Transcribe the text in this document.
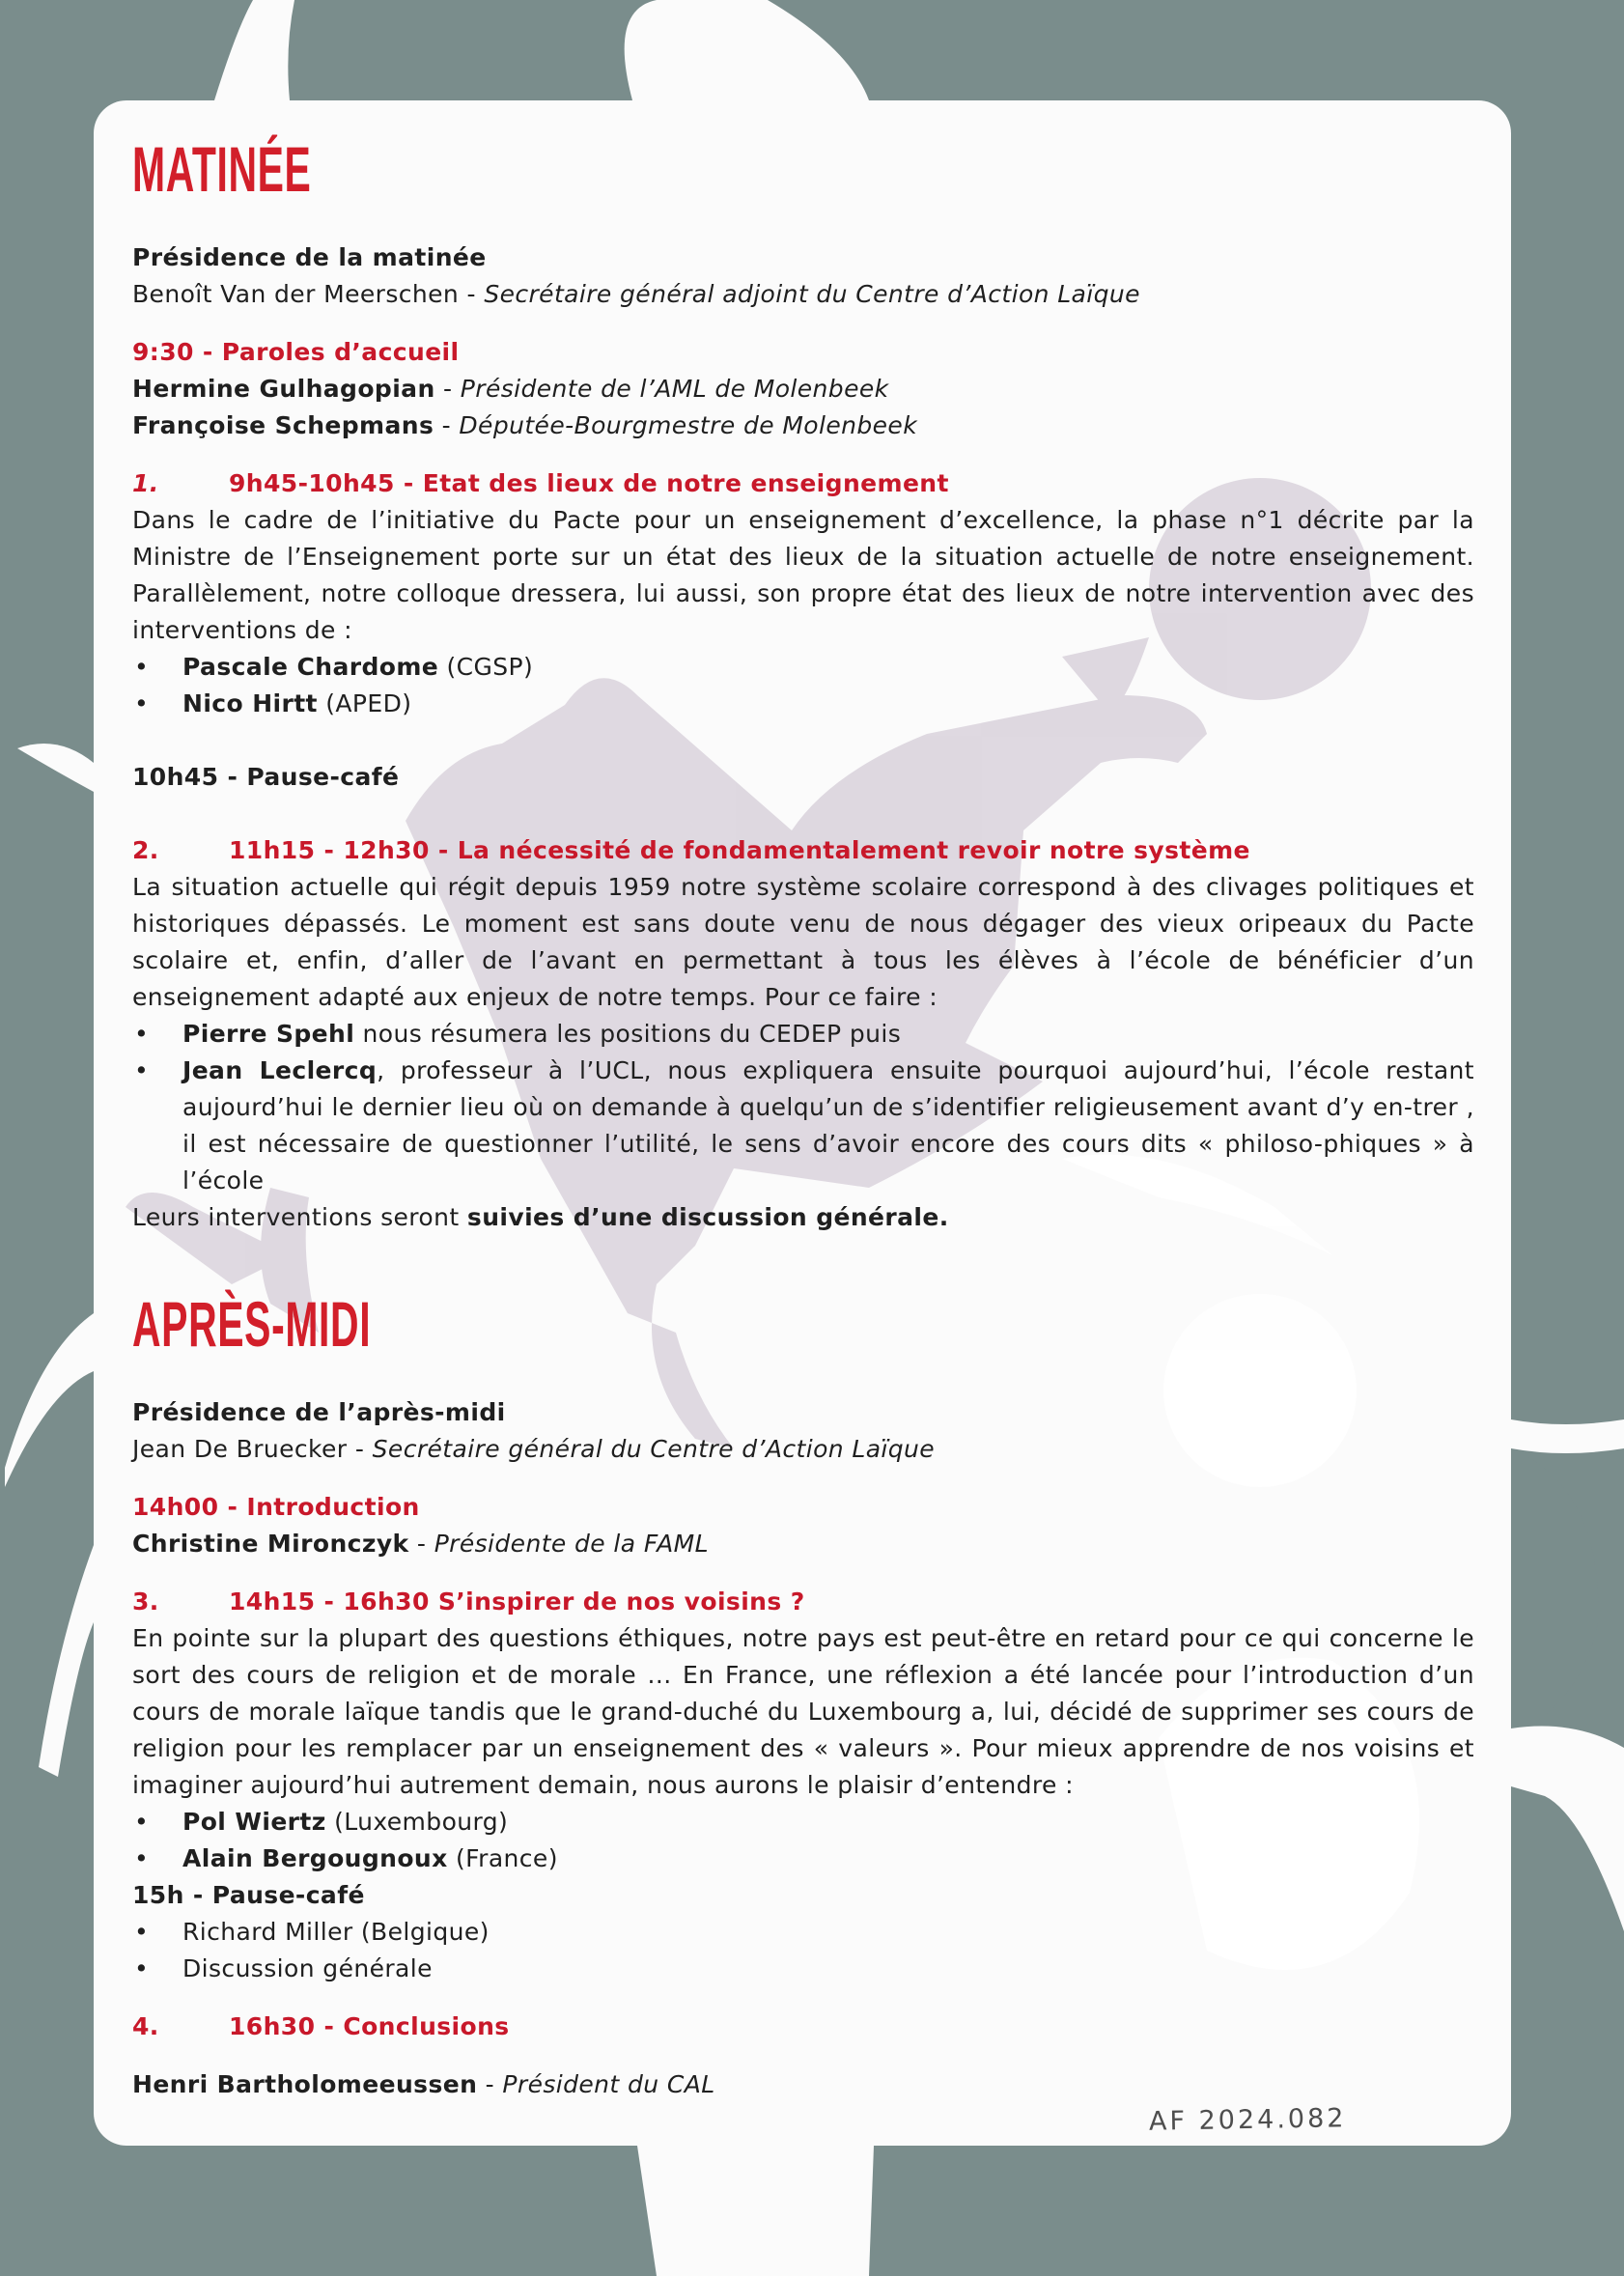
MATINÉE
Présidence de la matinée
Benoît Van der Meerschen - Secrétaire général adjoint du Centre d’Action Laïque
9:30 - Paroles d’accueil
Hermine Gulhagopian - Présidente de l’AML de Molenbeek
Françoise Schepmans - Députée-Bourgmestre de Molenbeek
1.	9h45-10h45 - Etat des lieux de notre enseignement
Dans le cadre de l’initiative du Pacte pour un enseignement d’excellence, la phase n°1 décrite par la Ministre de l’Enseignement porte sur un état des lieux de la situation actuelle de notre enseignement. Parallèlement, notre colloque dressera, lui aussi, son propre état des lieux de notre intervention avec des interventions de :
• Pascale Chardome (CGSP)
• Nico Hirtt (APED)
10h45 - Pause-café
2.	11h15 - 12h30 - La nécessité de fondamentalement revoir notre système
La situation actuelle qui régit depuis 1959 notre système scolaire correspond à des clivages politiques et historiques dépassés. Le moment est sans doute venu de nous dégager des vieux oripeaux du Pacte scolaire et, enfin, d’aller de l’avant en permettant à tous les élèves à l’école de bénéficier d’un enseignement adapté aux enjeux de notre temps. Pour ce faire :
• Pierre Spehl nous résumera les positions du CEDEP puis
• Jean Leclercq, professeur à l’UCL, nous expliquera ensuite pourquoi aujourd’hui, l’école restant aujourd’hui le dernier lieu où on demande à quelqu’un de s’identifier religieusement avant d’y en-trer , il est nécessaire de questionner l’utilité, le sens d’avoir encore des cours dits « philoso-phiques » à l’école
Leurs interventions seront suivies d’une discussion générale.
APRÈS-MIDI
Présidence de l’après-midi
Jean De Bruecker - Secrétaire général du Centre d’Action Laïque
14h00 - Introduction
Christine Mironczyk - Présidente de la FAML
3.	14h15 - 16h30 S’inspirer de nos voisins ?
En pointe sur la plupart des questions éthiques, notre pays est peut-être en retard pour ce qui concerne le sort des cours de religion et de morale ... En France, une réflexion a été lancée pour l’introduction d’un cours de morale laïque tandis que le grand-duché du Luxembourg a, lui, décidé de supprimer ses cours de religion pour les remplacer par un enseignement des « valeurs ». Pour mieux apprendre de nos voisins et imaginer aujourd’hui autrement demain, nous aurons le plaisir d’entendre :
• Pol Wiertz (Luxembourg)
• Alain Bergougnoux (France)
15h - Pause-café
• Richard Miller (Belgique)
• Discussion générale
4.	16h30 - Conclusions
Henri Bartholomeeussen - Président du CAL
AF 2024.082
